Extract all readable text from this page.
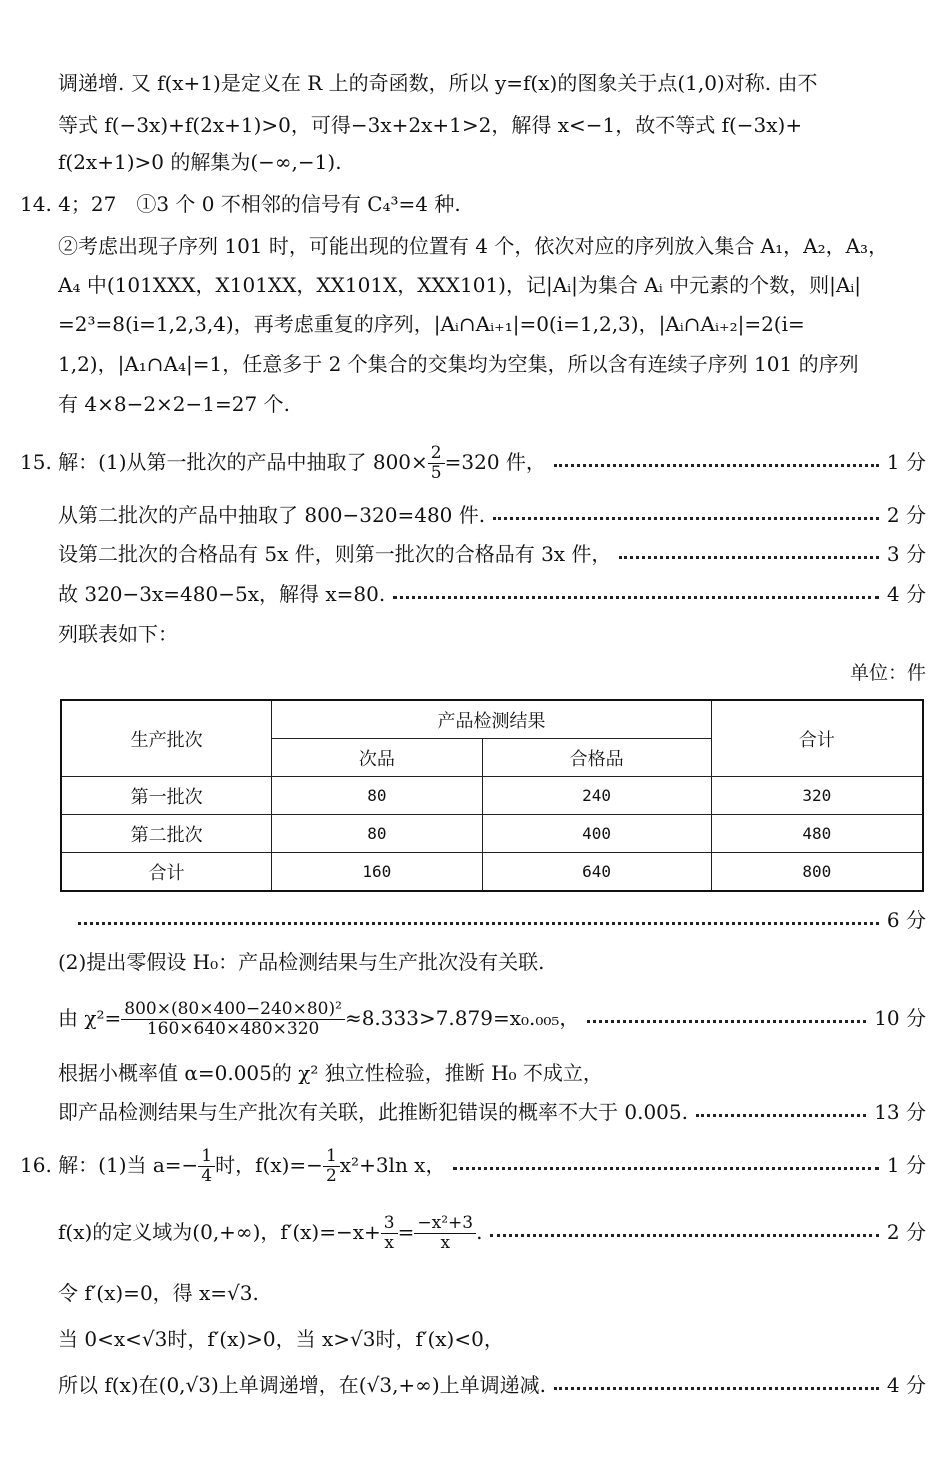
调递增. 又 f(x+1)是定义在 R 上的奇函数，所以 y=f(x)的图象关于点(1,0)对称. 由不
等式 f(−3x)+f(2x+1)>0，可得−3x+2x+1>2，解得 x<−1，故不等式 f(−3x)+
f(2x+1)>0 的解集为(−∞,−1).
14. 4；27　①3 个 0 不相邻的信号有 C₄³=4 种.
②考虑出现子序列 101 时，可能出现的位置有 4 个，依次对应的序列放入集合 A₁，A₂，A₃，
A₄ 中(101XXX，X101XX，XX101X，XXX101)，记|Aᵢ|为集合 Aᵢ 中元素的个数，则|Aᵢ|
=2³=8(i=1,2,3,4)，再考虑重复的序列，|Aᵢ∩Aᵢ₊₁|=0(i=1,2,3)，|Aᵢ∩Aᵢ₊₂|=2(i=
1,2)，|A₁∩A₄|=1，任意多于 2 个集合的交集均为空集，所以含有连续子序列 101 的序列
有 4×8−2×2−1=27 个.
15. 解：(1)从第一批次的产品中抽取了 $800\times \frac{2}{5} =320$ 件，	1 分
从第二批次的产品中抽取了 800−320=480 件.	2 分
设第二批次的合格品有 5x 件，则第一批次的合格品有 3x 件，	3 分
故 320−3x=480−5x，解得 x=80.	4 分
列联表如下：
单位：件
生产批次	产品检测结果		合计
	次品	合格品	
第一批次	80	240	320
第二批次	80	400	480
合计	160	640	800
6 分
(2)提出零假设 H₀：产品检测结果与生产批次没有关联.
由 $\chi^2= \frac{\text{800×(80×400−240×80)²}}{160\times 640\times 480\times 320} \approx 8.333>7.879=x_0._{005}$，	10 分
根据小概率值 α=0.005的 χ² 独立性检验，推断 H₀ 不成立，
即产品检测结果与生产批次有关联，此推断犯错误的概率不大于 0.005.	13 分
16. 解：(1)当 $a=- \frac{1}{4}$ 时，$f(x)=- \frac{1}{2} x^2+3\ln$ x，	1 分
f(x)的定义域为(0,+∞)，$f'(x)=-x+ \frac{3}{x} = \frac{\text{−x²+3}}{x}$ .	2 分
令 f′(x)=0，得 x=√3.
当 0<x<√3时，f′(x)>0，当 x>√3时，f′(x)<0，
所以 f(x)在(0,√3)上单调递增，在(√3,+∞)上单调递减.	4 分
